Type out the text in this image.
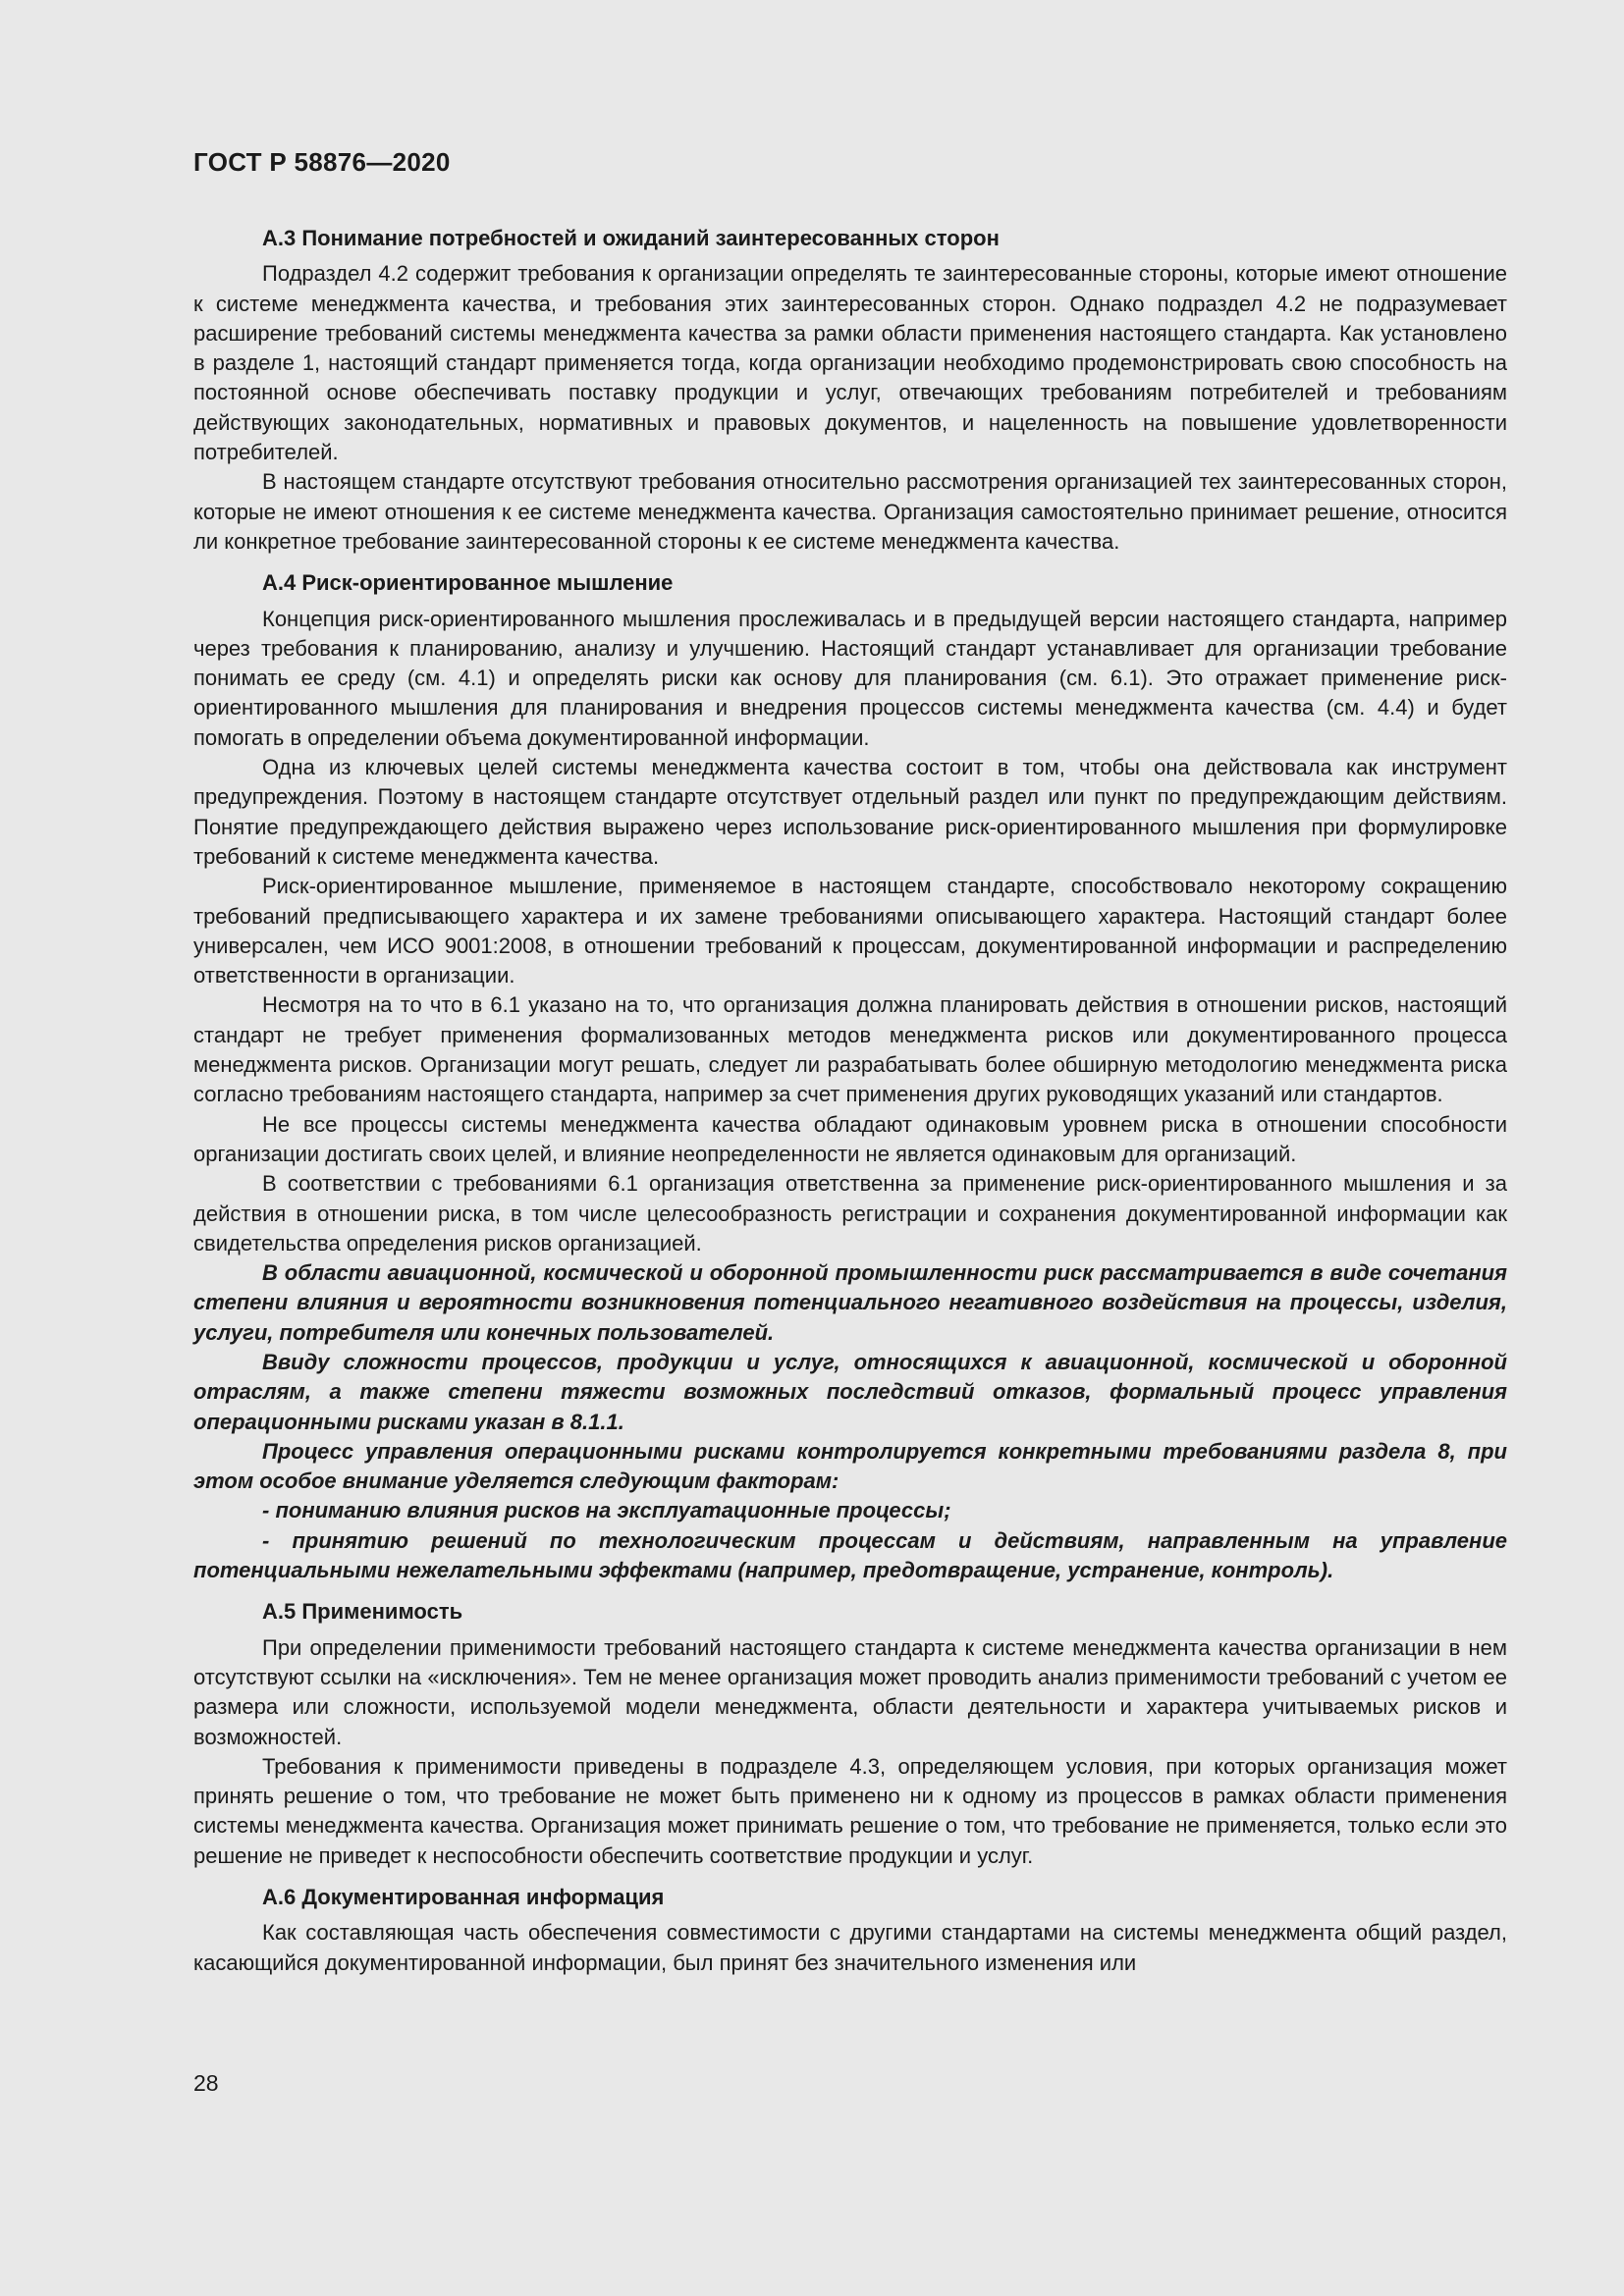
ГОСТ Р 58876—2020

А.3 Понимание потребностей и ожиданий заинтересованных сторон

Подраздел 4.2 содержит требования к организации определять те заинтересованные стороны, которые имеют отношение к системе менеджмента качества, и требования этих заинтересованных сторон. Однако подраздел 4.2 не подразумевает расширение требований системы менеджмента качества за рамки области применения настоящего стандарта. Как установлено в разделе 1, настоящий стандарт применяется тогда, когда организации необходимо продемонстрировать свою способность на постоянной основе обеспечивать поставку продукции и услуг, отвечающих требованиям потребителей и требованиям действующих законодательных, нормативных и правовых документов, и нацеленность на повышение удовлетворенности потребителей.

В настоящем стандарте отсутствуют требования относительно рассмотрения организацией тех заинтересованных сторон, которые не имеют отношения к ее системе менеджмента качества. Организация самостоятельно принимает решение, относится ли конкретное требование заинтересованной стороны к ее системе менеджмента качества.

А.4 Риск-ориентированное мышление

Концепция риск-ориентированного мышления прослеживалась и в предыдущей версии настоящего стандарта, например через требования к планированию, анализу и улучшению. Настоящий стандарт устанавливает для организации требование понимать ее среду (см. 4.1) и определять риски как основу для планирования (см. 6.1). Это отражает применение риск-ориентированного мышления для планирования и внедрения процессов системы менеджмента качества (см. 4.4) и будет помогать в определении объема документированной информации.

Одна из ключевых целей системы менеджмента качества состоит в том, чтобы она действовала как инструмент предупреждения. Поэтому в настоящем стандарте отсутствует отдельный раздел или пункт по предупреждающим действиям. Понятие предупреждающего действия выражено через использование риск-ориентированного мышления при формулировке требований к системе менеджмента качества.

Риск-ориентированное мышление, применяемое в настоящем стандарте, способствовало некоторому сокращению требований предписывающего характера и их замене требованиями описывающего характера. Настоящий стандарт более универсален, чем ИСО 9001:2008, в отношении требований к процессам, документированной информации и распределению ответственности в организации.

Несмотря на то что в 6.1 указано на то, что организация должна планировать действия в отношении рисков, настоящий стандарт не требует применения формализованных методов менеджмента рисков или документированного процесса менеджмента рисков. Организации могут решать, следует ли разрабатывать более обширную методологию менеджмента риска согласно требованиям настоящего стандарта, например за счет применения других руководящих указаний или стандартов.

Не все процессы системы менеджмента качества обладают одинаковым уровнем риска в отношении способности организации достигать своих целей, и влияние неопределенности не является одинаковым для организаций.

В соответствии с требованиями 6.1 организация ответственна за применение риск-ориентированного мышления и за действия в отношении риска, в том числе целесообразность регистрации и сохранения документированной информации как свидетельства определения рисков организацией.

В области авиационной, космической и оборонной промышленности риск рассматривается в виде сочетания степени влияния и вероятности возникновения потенциального негативного воздействия на процессы, изделия, услуги, потребителя или конечных пользователей.

Ввиду сложности процессов, продукции и услуг, относящихся к авиационной, космической и оборонной отраслям, а также степени тяжести возможных последствий отказов, формальный процесс управления операционными рисками указан в 8.1.1.

Процесс управления операционными рисками контролируется конкретными требованиями раздела 8, при этом особое внимание уделяется следующим факторам:

- пониманию влияния рисков на эксплуатационные процессы;

- принятию решений по технологическим процессам и действиям, направленным на управление потенциальными нежелательными эффектами (например, предотвращение, устранение, контроль).

А.5 Применимость

При определении применимости требований настоящего стандарта к системе менеджмента качества организации в нем отсутствуют ссылки на «исключения». Тем не менее организация может проводить анализ применимости требований с учетом ее размера или сложности, используемой модели менеджмента, области деятельности и характера учитываемых рисков и возможностей.

Требования к применимости приведены в подразделе 4.3, определяющем условия, при которых организация может принять решение о том, что требование не может быть применено ни к одному из процессов в рамках области применения системы менеджмента качества. Организация может принимать решение о том, что требование не применяется, только если это решение не приведет к неспособности обеспечить соответствие продукции и услуг.

А.6 Документированная информация

Как составляющая часть обеспечения совместимости с другими стандартами на системы менеджмента общий раздел, касающийся документированной информации, был принят без значительного изменения или

28
